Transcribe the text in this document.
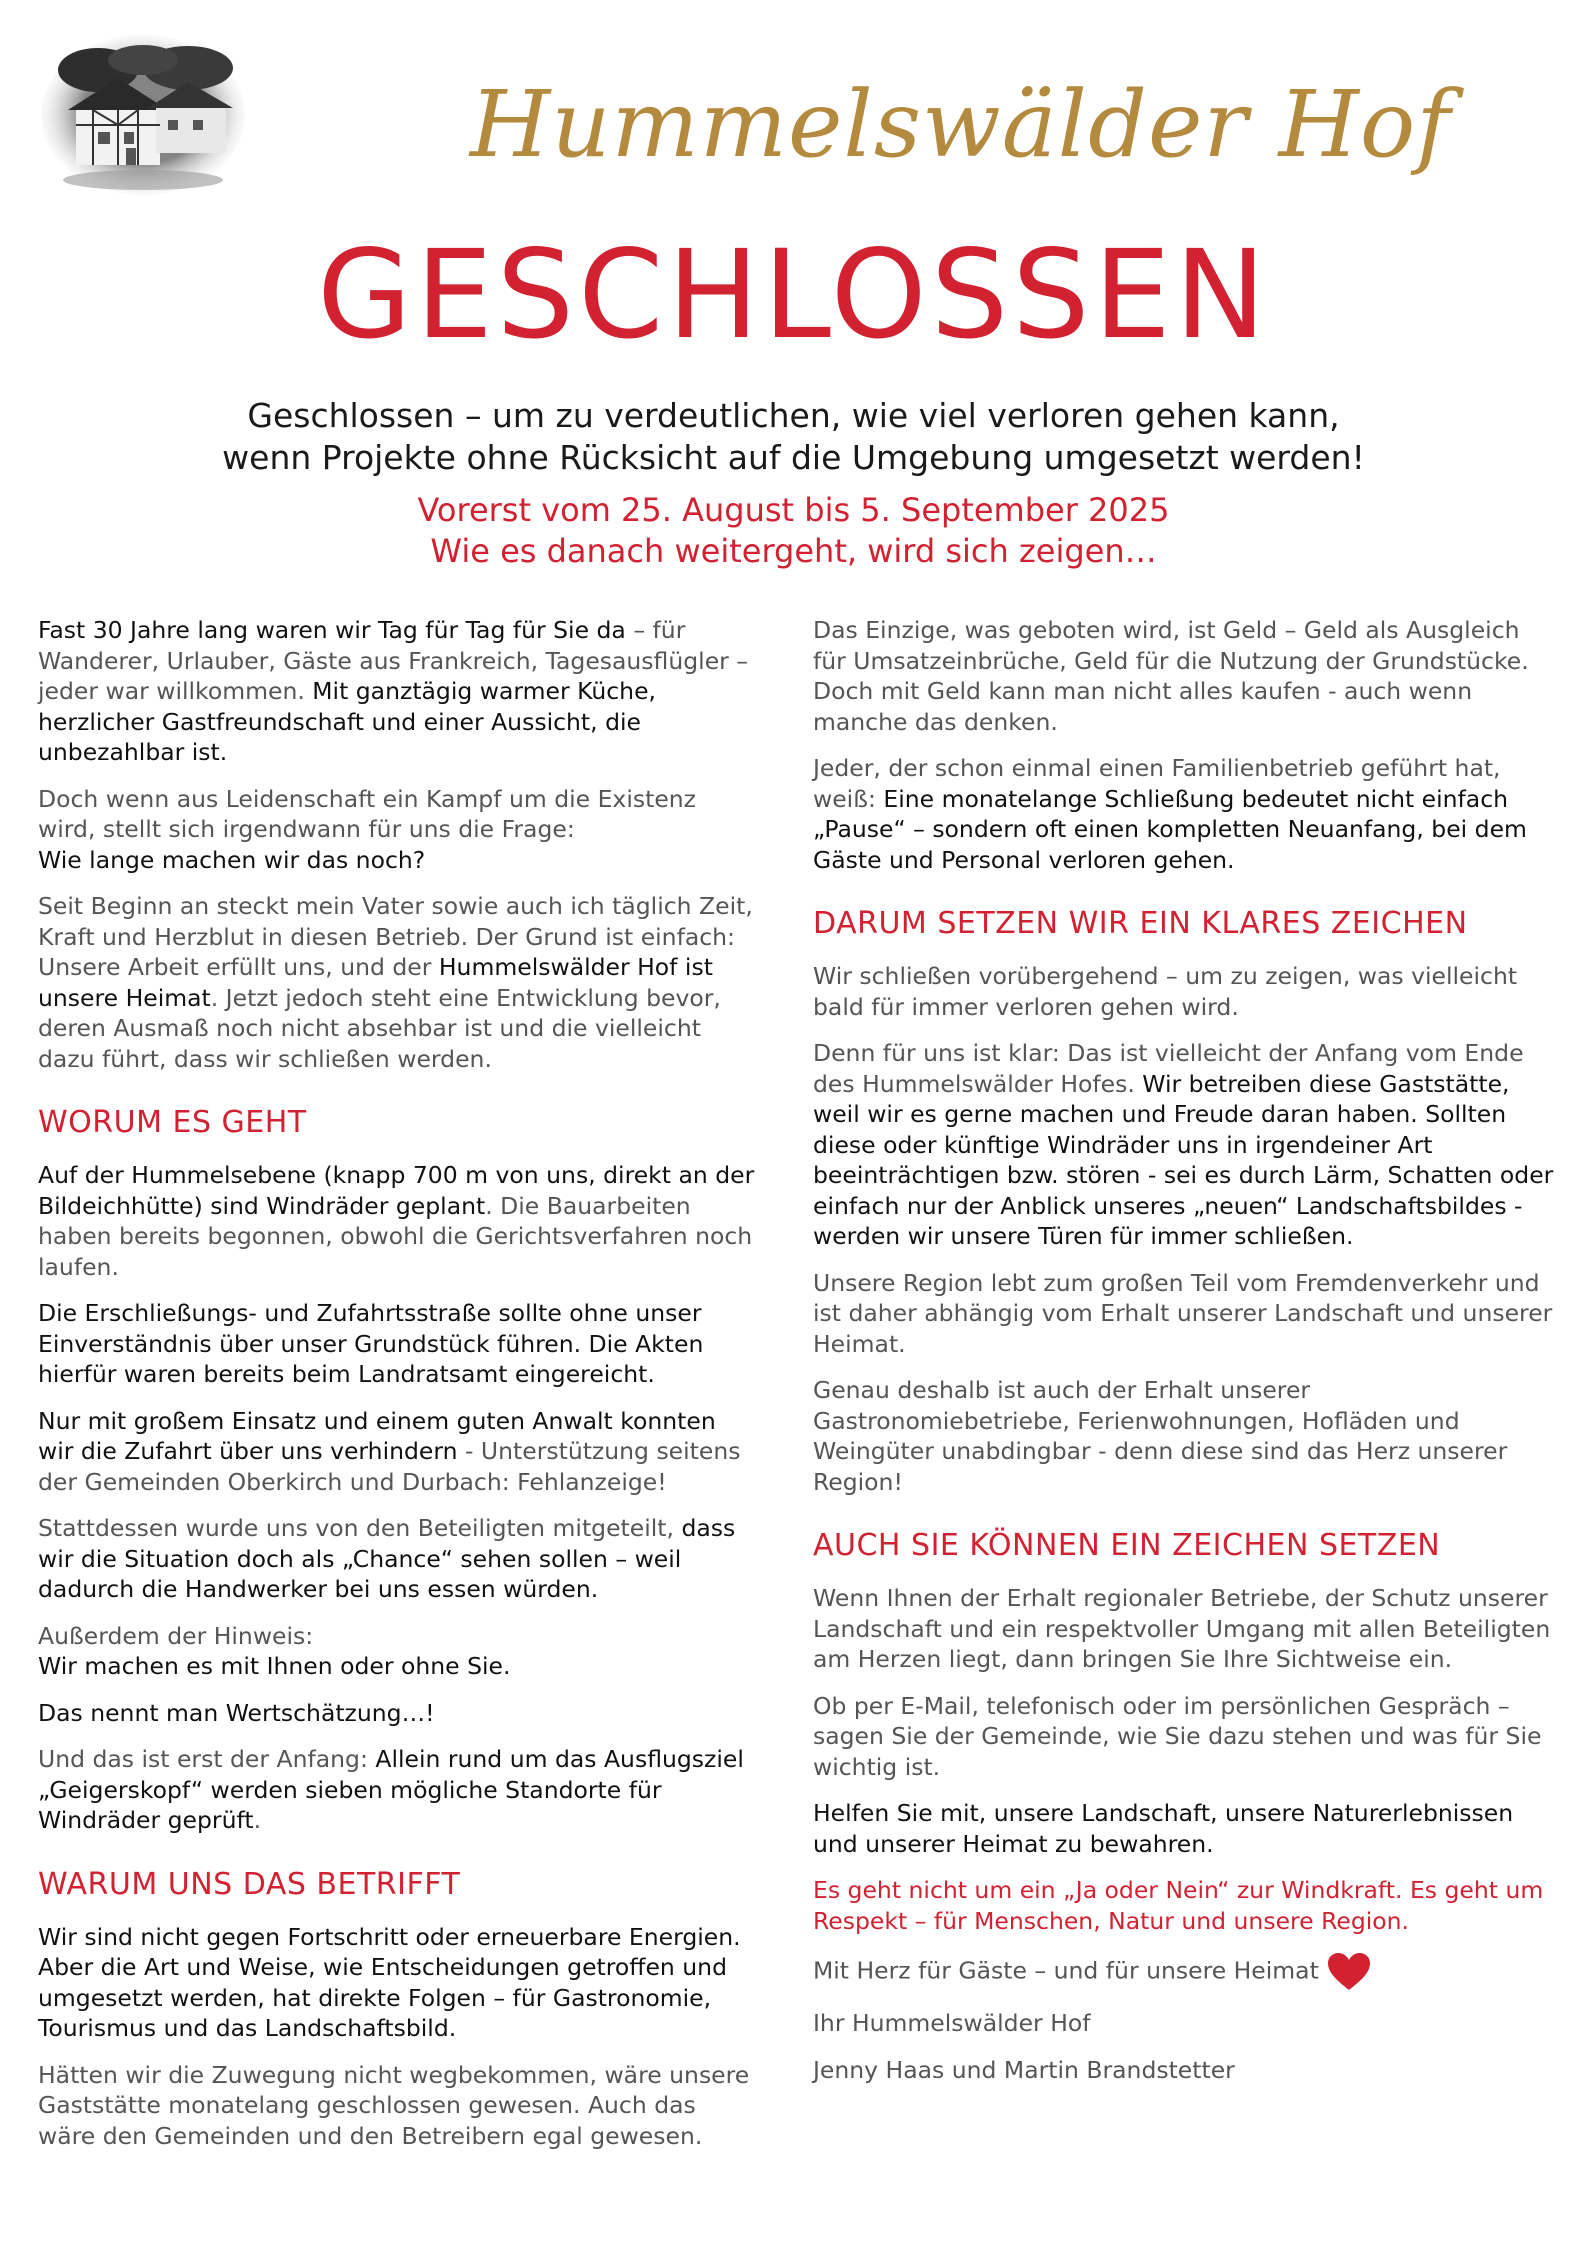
Hummelswälder Hof
GESCHLOSSEN
Geschlossen – um zu verdeutlichen, wie viel verloren gehen kann,
wenn Projekte ohne Rücksicht auf die Umgebung umgesetzt werden!
Vorerst vom 25. August bis 5. September 2025
Wie es danach weitergeht, wird sich zeigen…

Fast 30 Jahre lang waren wir Tag für Tag für Sie da – für Wanderer, Urlauber, Gäste aus Frankreich, Tagesausflügler – jeder war willkommen. Mit ganztägig warmer Küche, herzlicher Gastfreundschaft und einer Aussicht, die unbezahlbar ist.

Doch wenn aus Leidenschaft ein Kampf um die Existenz wird, stellt sich irgendwann für uns die Frage:
Wie lange machen wir das noch?

Seit Beginn an steckt mein Vater sowie auch ich täglich Zeit, Kraft und Herzblut in diesen Betrieb. Der Grund ist einfach: Unsere Arbeit erfüllt uns, und der Hummelswälder Hof ist unsere Heimat. Jetzt jedoch steht eine Entwicklung bevor, deren Ausmaß noch nicht absehbar ist und die vielleicht dazu führt, dass wir schließen werden.

WORUM ES GEHT

Auf der Hummelsebene (knapp 700 m von uns, direkt an der Bildeichhütte) sind Windräder geplant. Die Bauarbeiten haben bereits begonnen, obwohl die Gerichtsverfahren noch laufen.

Die Erschließungs- und Zufahrtsstraße sollte ohne unser Einverständnis über unser Grundstück führen. Die Akten hierfür waren bereits beim Landratsamt eingereicht.

Nur mit großem Einsatz und einem guten Anwalt konnten wir die Zufahrt über uns verhindern - Unterstützung seitens der Gemeinden Oberkirch und Durbach: Fehlanzeige!

Stattdessen wurde uns von den Beteiligten mitgeteilt, dass wir die Situation doch als „Chance“ sehen sollen – weil dadurch die Handwerker bei uns essen würden.

Außerdem der Hinweis:
Wir machen es mit Ihnen oder ohne Sie.

Das nennt man Wertschätzung…!

Und das ist erst der Anfang: Allein rund um das Ausflugsziel „Geigerskopf“ werden sieben mögliche Standorte für Windräder geprüft.

WARUM UNS DAS BETRIFFT

Wir sind nicht gegen Fortschritt oder erneuerbare Energien. Aber die Art und Weise, wie Entscheidungen getroffen und umgesetzt werden, hat direkte Folgen – für Gastronomie, Tourismus und das Landschaftsbild.

Hätten wir die Zuwegung nicht wegbekommen, wäre unsere Gaststätte monatelang geschlossen gewesen. Auch das wäre den Gemeinden und den Betreibern egal gewesen.

Das Einzige, was geboten wird, ist Geld – Geld als Ausgleich für Umsatzeinbrüche, Geld für die Nutzung der Grundstücke. Doch mit Geld kann man nicht alles kaufen - auch wenn manche das denken.

Jeder, der schon einmal einen Familienbetrieb geführt hat, weiß: Eine monatelange Schließung bedeutet nicht einfach „Pause“ – sondern oft einen kompletten Neuanfang, bei dem Gäste und Personal verloren gehen.

DARUM SETZEN WIR EIN KLARES ZEICHEN

Wir schließen vorübergehend – um zu zeigen, was vielleicht bald für immer verloren gehen wird.

Denn für uns ist klar: Das ist vielleicht der Anfang vom Ende des Hummelswälder Hofes. Wir betreiben diese Gaststätte, weil wir es gerne machen und Freude daran haben. Sollten diese oder künftige Windräder uns in irgendeiner Art beeinträchtigen bzw. stören - sei es durch Lärm, Schatten oder einfach nur der Anblick unseres „neuen“ Landschaftsbildes - werden wir unsere Türen für immer schließen.

Unsere Region lebt zum großen Teil vom Fremdenverkehr und ist daher abhängig vom Erhalt unserer Landschaft und unserer Heimat.

Genau deshalb ist auch der Erhalt unserer Gastronomiebetriebe, Ferienwohnungen, Hofläden und Weingüter unabdingbar - denn diese sind das Herz unserer Region!

AUCH SIE KÖNNEN EIN ZEICHEN SETZEN

Wenn Ihnen der Erhalt regionaler Betriebe, der Schutz unserer Landschaft und ein respektvoller Umgang mit allen Beteiligten am Herzen liegt, dann bringen Sie Ihre Sichtweise ein.

Ob per E-Mail, telefonisch oder im persönlichen Gespräch – sagen Sie der Gemeinde, wie Sie dazu stehen und was für Sie wichtig ist.

Helfen Sie mit, unsere Landschaft, unsere Naturerlebnissen und unserer Heimat zu bewahren.

Es geht nicht um ein „Ja oder Nein“ zur Windkraft. Es geht um Respekt – für Menschen, Natur und unsere Region.

Mit Herz für Gäste – und für unsere Heimat

Ihr Hummelswälder Hof

Jenny Haas und Martin Brandstetter
